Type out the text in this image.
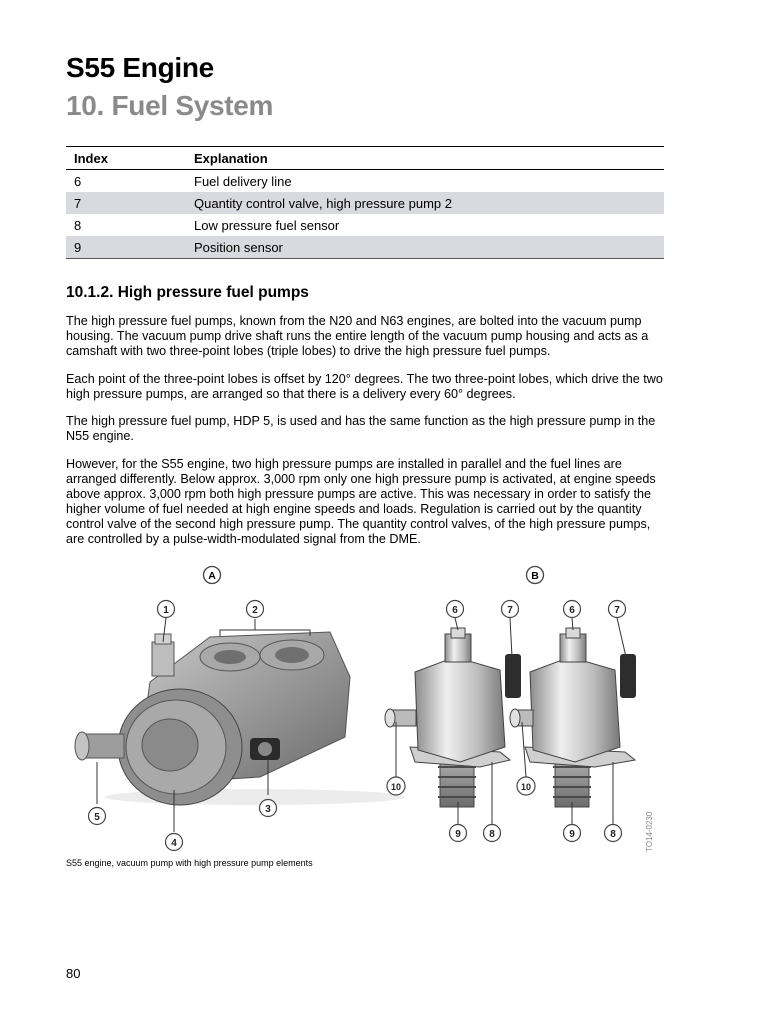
S55 Engine
10. Fuel System
Index	Explanation
6	Fuel delivery line
7	Quantity control valve, high pressure pump 2
8	Low pressure fuel sensor
9	Position sensor
10.1.2. High pressure fuel pumps

The high pressure fuel pumps, known from the N20 and N63 engines, are bolted into the vacuum pump housing. The vacuum pump drive shaft runs the entire length of the vacuum pump housing and acts as a camshaft with two three-point lobes (triple lobes) to drive the high pressure fuel pumps.

Each point of the three-point lobes is offset by 120° degrees. The two three-point lobes, which drive the two high pressure pumps, are arranged so that there is a delivery every 60° degrees.

The high pressure fuel pump, HDP 5, is used and has the same function as the high pressure pump in the N55 engine.

However, for the S55 engine, two high pressure pumps are installed in parallel and the fuel lines are arranged differently. Below approx. 3,000 rpm only one high pressure pump is activated, at engine speeds above approx. 3,000 rpm both high pressure pumps are active. This was necessary in order to satisfy the higher volume of fuel needed at high engine speeds and loads. Regulation is carried out by the quantity control valve of the second high pressure pump. The quantity control valves, of the high pressure pumps, are controlled by a pulse-width-modulated signal from the DME.

A	B
1	2
3
4
5
6	7	6	7
10	10
9	8	9	8	TO14-0230
S55 engine, vacuum pump with high pressure pump elements
80
